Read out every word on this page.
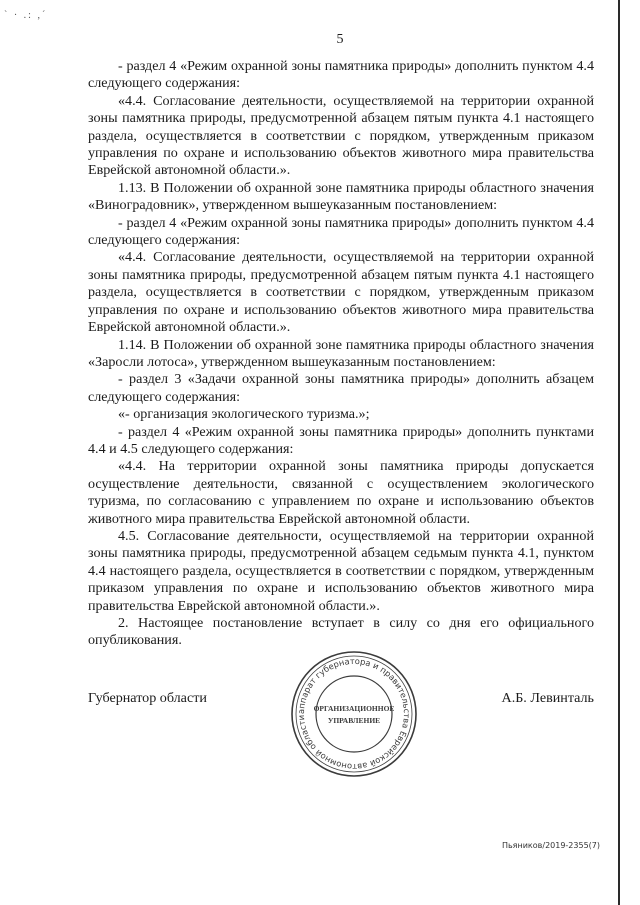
ˋ · .: ,ˊ
5

- раздел 4 «Режим охранной зоны памятника природы» дополнить пунктом 4.4 следующего содержания:

«4.4. Согласование деятельности, осуществляемой на территории охранной зоны памятника природы, предусмотренной абзацем пятым пункта 4.1 настоящего раздела, осуществляется в соответствии с порядком, утвержденным приказом управления по охране и использованию объектов животного мира правительства Еврейской автономной области.».

1.13. В Положении об охранной зоне памятника природы областного значения «Виноградовник», утвержденном вышеуказанным постановлением:

- раздел 4 «Режим охранной зоны памятника природы» дополнить пунктом 4.4 следующего содержания:

«4.4. Согласование деятельности, осуществляемой на территории охранной зоны памятника природы, предусмотренной абзацем пятым пункта 4.1 настоящего раздела, осуществляется в соответствии с порядком, утвержденным приказом управления по охране и использованию объектов животного мира правительства Еврейской автономной области.».

1.14. В Положении об охранной зоне памятника природы областного значения «Заросли лотоса», утвержденном вышеуказанным постановлением:

- раздел 3 «Задачи охранной зоны памятника природы» дополнить абзацем следующего содержания:

«- организация экологического туризма.»;

- раздел 4 «Режим охранной зоны памятника природы» дополнить пунктами 4.4 и 4.5 следующего содержания:

«4.4. На территории охранной зоны памятника природы допускается осуществление деятельности, связанной с осуществлением экологического туризма, по согласованию с управлением по охране и использованию объектов животного мира правительства Еврейской автономной области.

4.5. Согласование деятельности, осуществляемой на территории охранной зоны памятника природы, предусмотренной абзацем седьмым пункта 4.1, пунктом 4.4 настоящего раздела, осуществляется в соответствии с порядком, утвержденным приказом управления по охране и использованию объектов животного мира правительства Еврейской автономной области.».

2. Настоящее постановление вступает в силу со дня его официального опубликования.

Губернатор области	А.Б. Левинталь
аппарат губернатора и правительства Еврейской автономной области
ОРГАНИЗАЦИОННОЕ
УПРАВЛЕНИЕ
Пьяников/2019-2355(7)
